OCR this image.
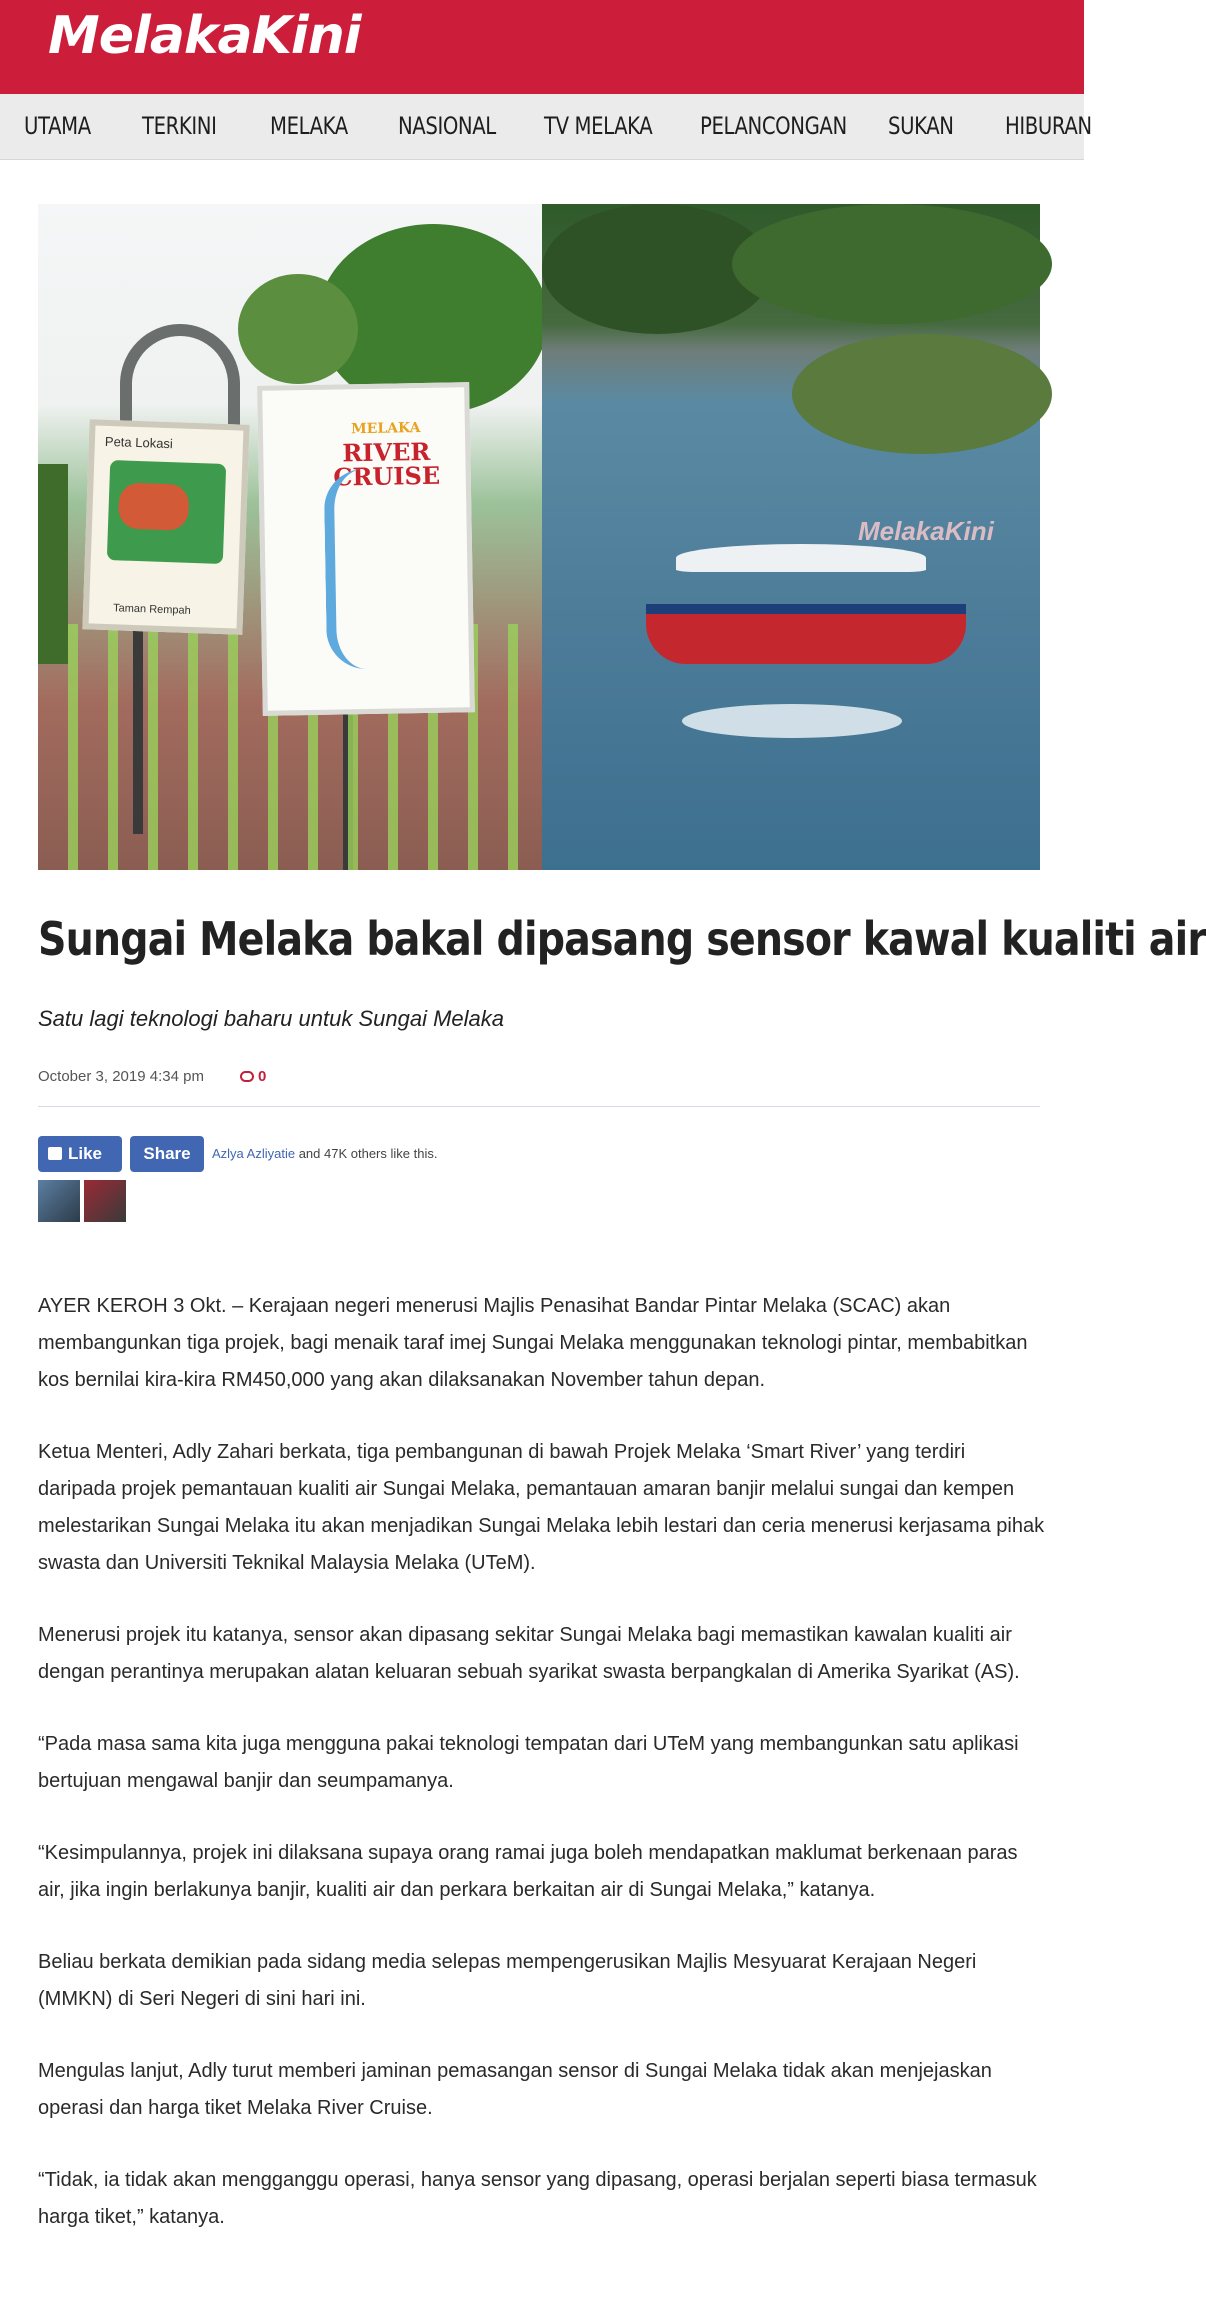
MelakaKini
UTAMA TERKINI MELAKA NASIONAL TV MELAKA PELANCONGAN SUKAN HIBURAN
Peta Lokasi
Taman Rempah
MELAKA
RIVER CRUISE
MelakaKini
Sungai Melaka bakal dipasang sensor kawal kualiti air
Satu lagi teknologi baharu untuk Sungai Melaka
October 3, 2019 4:34 pm	0
Like	Share	Azlya Azliyatie and 47K others like this.

AYER KEROH 3 Okt. – Kerajaan negeri menerusi Majlis Penasihat Bandar Pintar Melaka (SCAC) akan membangunkan tiga projek, bagi menaik taraf imej Sungai Melaka menggunakan teknologi pintar, membabitkan kos bernilai kira-kira RM450,000 yang akan dilaksanakan November tahun depan.

Ketua Menteri, Adly Zahari berkata, tiga pembangunan di bawah Projek Melaka ‘Smart River’ yang terdiri daripada projek pemantauan kualiti air Sungai Melaka, pemantauan amaran banjir melalui sungai dan kempen melestarikan Sungai Melaka itu akan menjadikan Sungai Melaka lebih lestari dan ceria menerusi kerjasama pihak swasta dan Universiti Teknikal Malaysia Melaka (UTeM).

Menerusi projek itu katanya, sensor akan dipasang sekitar Sungai Melaka bagi memastikan kawalan kualiti air dengan perantinya merupakan alatan keluaran sebuah syarikat swasta berpangkalan di Amerika Syarikat (AS).

“Pada masa sama kita juga mengguna pakai teknologi tempatan dari UTeM yang membangunkan satu aplikasi bertujuan mengawal banjir dan seumpamanya.

“Kesimpulannya, projek ini dilaksana supaya orang ramai juga boleh mendapatkan maklumat berkenaan paras air, jika ingin berlakunya banjir, kualiti air dan perkara berkaitan air di Sungai Melaka,” katanya.

Beliau berkata demikian pada sidang media selepas mempengerusikan Majlis Mesyuarat Kerajaan Negeri (MMKN) di Seri Negeri di sini hari ini.

Mengulas lanjut, Adly turut memberi jaminan pemasangan sensor di Sungai Melaka tidak akan menjejaskan operasi dan harga tiket Melaka River Cruise.

“Tidak, ia tidak akan mengganggu operasi, hanya sensor yang dipasang, operasi berjalan seperti biasa termasuk harga tiket,” katanya.
